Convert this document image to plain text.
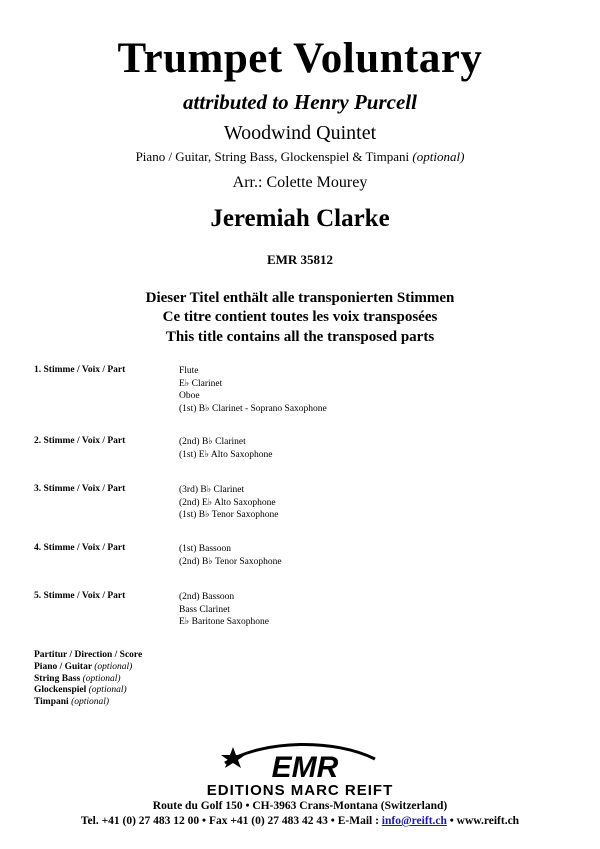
Trumpet Voluntary
attributed to Henry Purcell
Woodwind Quintet
Piano / Guitar, String Bass, Glockenspiel & Timpani (optional)
Arr.: Colette Mourey
Jeremiah Clarke
EMR 35812
Dieser Titel enthält alle transponierten Stimmen
Ce titre contient toutes les voix transposées
This title contains all the transposed parts
1. Stimme / Voix / Part	Flute
E♭ Clarinet
Oboe
(1st) B♭ Clarinet - Soprano Saxophone
2. Stimme / Voix / Part	(2nd) B♭ Clarinet
(1st) E♭ Alto Saxophone
3. Stimme / Voix / Part	(3rd) B♭ Clarinet
(2nd) E♭ Alto Saxophone
(1st) B♭ Tenor Saxophone
4. Stimme / Voix / Part	(1st) Bassoon
(2nd) B♭ Tenor Saxophone
5. Stimme / Voix / Part	(2nd) Bassoon
Bass Clarinet
E♭ Baritone Saxophone
Partitur / Direction / Score
Piano / Guitar (optional)
String Bass (optional)
Glockenspiel (optional)
Timpani (optional)
EMR
EDITIONS MARC REIFT
Route du Golf 150 • CH-3963 Crans-Montana (Switzerland)
Tel. +41 (0) 27 483 12 00 • Fax +41 (0) 27 483 42 43 • E-Mail : info@reift.ch • www.reift.ch
